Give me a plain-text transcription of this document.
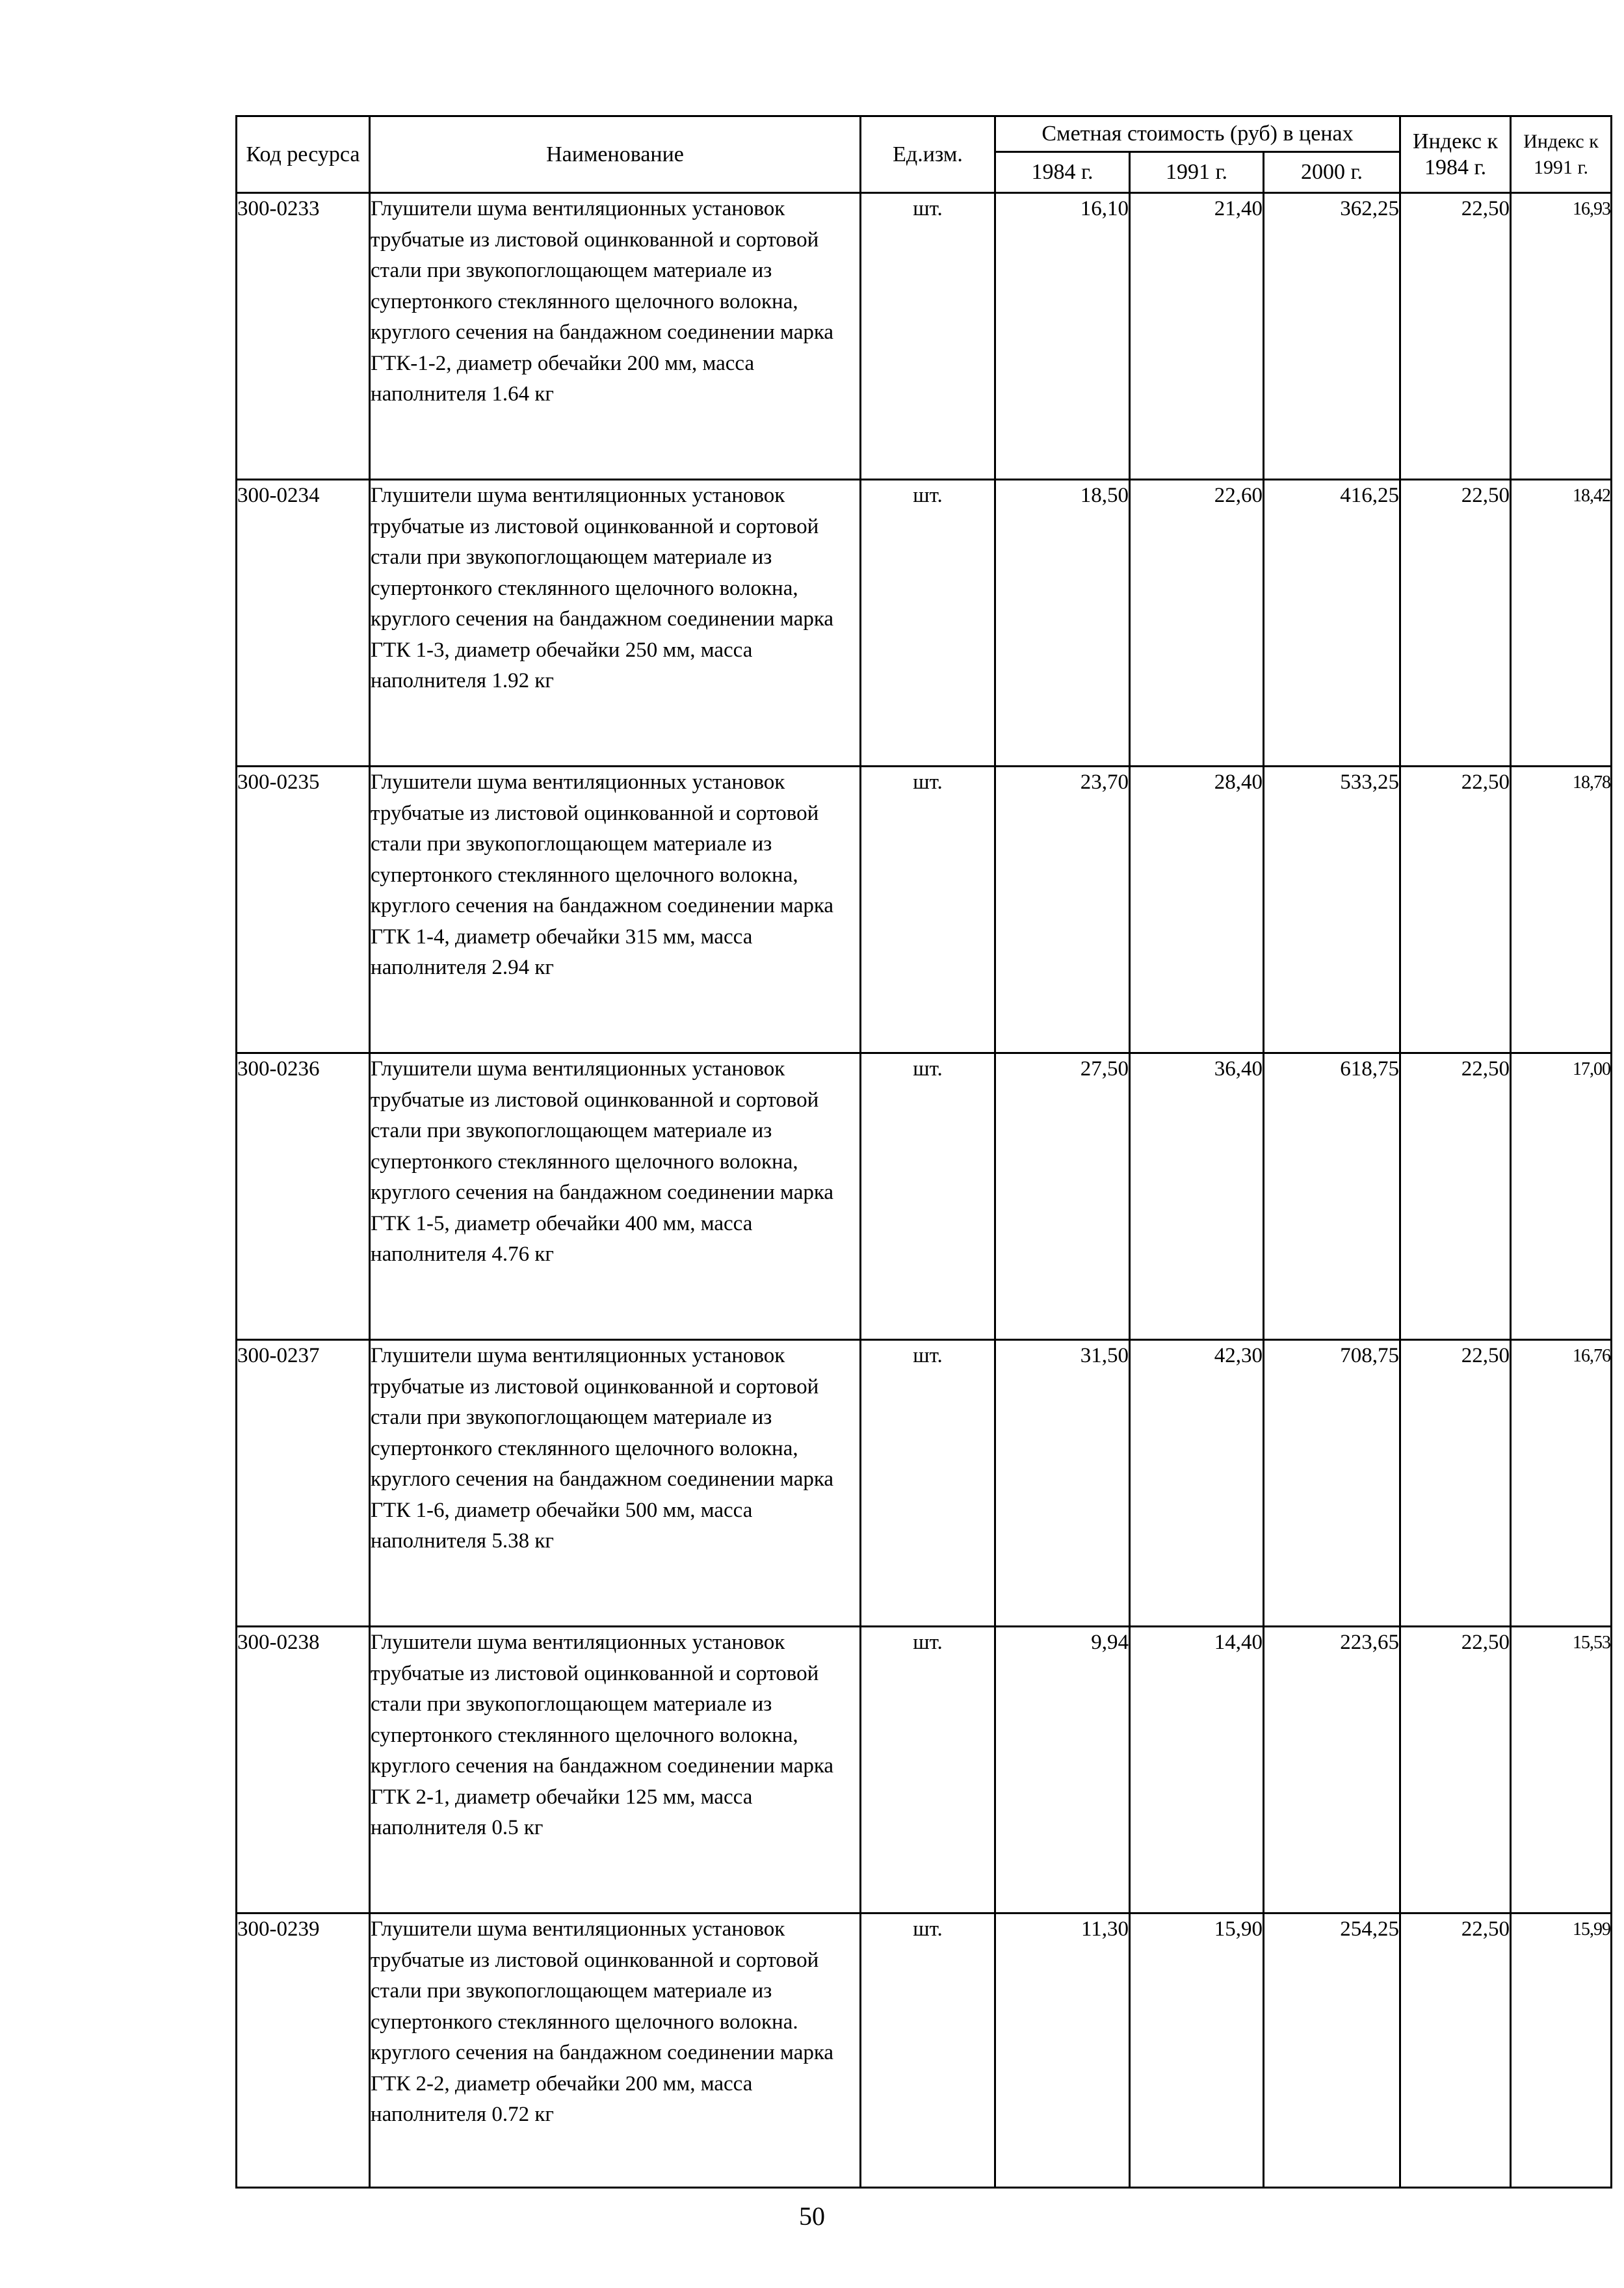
Код ресурса	Наименование	Ед.изм.	Сметная стоимость (руб) в ценах			Индекс к 1984 г.	Индекс к 1991 г.
			1984 г.	1991 г.	2000 г.		
300-0233	Глушители шума вентиляционных установок трубчатые из листовой оцинкованной и сортовой стали при звукопоглощающем материале из супертонкого стеклянного щелочного волокна, круглого сечения на бандажном соединении марка ГТК-1-2, диаметр обечайки 200 мм, масса наполнителя 1.64 кг	шт.	16,10	21,40	362,25	22,50	16,93
300-0234	Глушители шума вентиляционных установок трубчатые из листовой оцинкованной и сортовой стали при звукопоглощающем материале из супертонкого стеклянного щелочного волокна, круглого сечения на бандажном соединении марка ГТК 1-3, диаметр обечайки 250 мм, масса наполнителя 1.92 кг	шт.	18,50	22,60	416,25	22,50	18,42
300-0235	Глушители шума вентиляционных установок трубчатые из листовой оцинкованной и сортовой стали при звукопоглощающем материале из супертонкого стеклянного щелочного волокна, круглого сечения на бандажном соединении марка ГТК 1-4, диаметр обечайки 315 мм, масса наполнителя 2.94 кг	шт.	23,70	28,40	533,25	22,50	18,78
300-0236	Глушители шума вентиляционных установок трубчатые из листовой оцинкованной и сортовой стали при звукопоглощающем материале из супертонкого стеклянного щелочного волокна, круглого сечения на бандажном соединении марка ГТК 1-5, диаметр обечайки 400 мм, масса наполнителя 4.76 кг	шт.	27,50	36,40	618,75	22,50	17,00
300-0237	Глушители шума вентиляционных установок трубчатые из листовой оцинкованной и сортовой стали при звукопоглощающем материале из супертонкого стеклянного щелочного волокна, круглого сечения на бандажном соединении марка ГТК 1-6, диаметр обечайки 500 мм, масса наполнителя 5.38 кг	шт.	31,50	42,30	708,75	22,50	16,76
300-0238	Глушители шума вентиляционных установок трубчатые из листовой оцинкованной и сортовой стали при звукопоглощающем материале из супертонкого стеклянного щелочного волокна, круглого сечения на бандажном соединении марка ГТК 2-1, диаметр обечайки 125 мм, масса наполнителя 0.5 кг	шт.	9,94	14,40	223,65	22,50	15,53
300-0239	Глушители шума вентиляционных установок трубчатые из листовой оцинкованной и сортовой стали при звукопоглощающем материале из супертонкого стеклянного щелочного волокна. круглого сечения на бандажном соединении марка ГТК 2-2, диаметр обечайки 200 мм, масса наполнителя 0.72 кг	шт.	11,30	15,90	254,25	22,50	15,99
50
